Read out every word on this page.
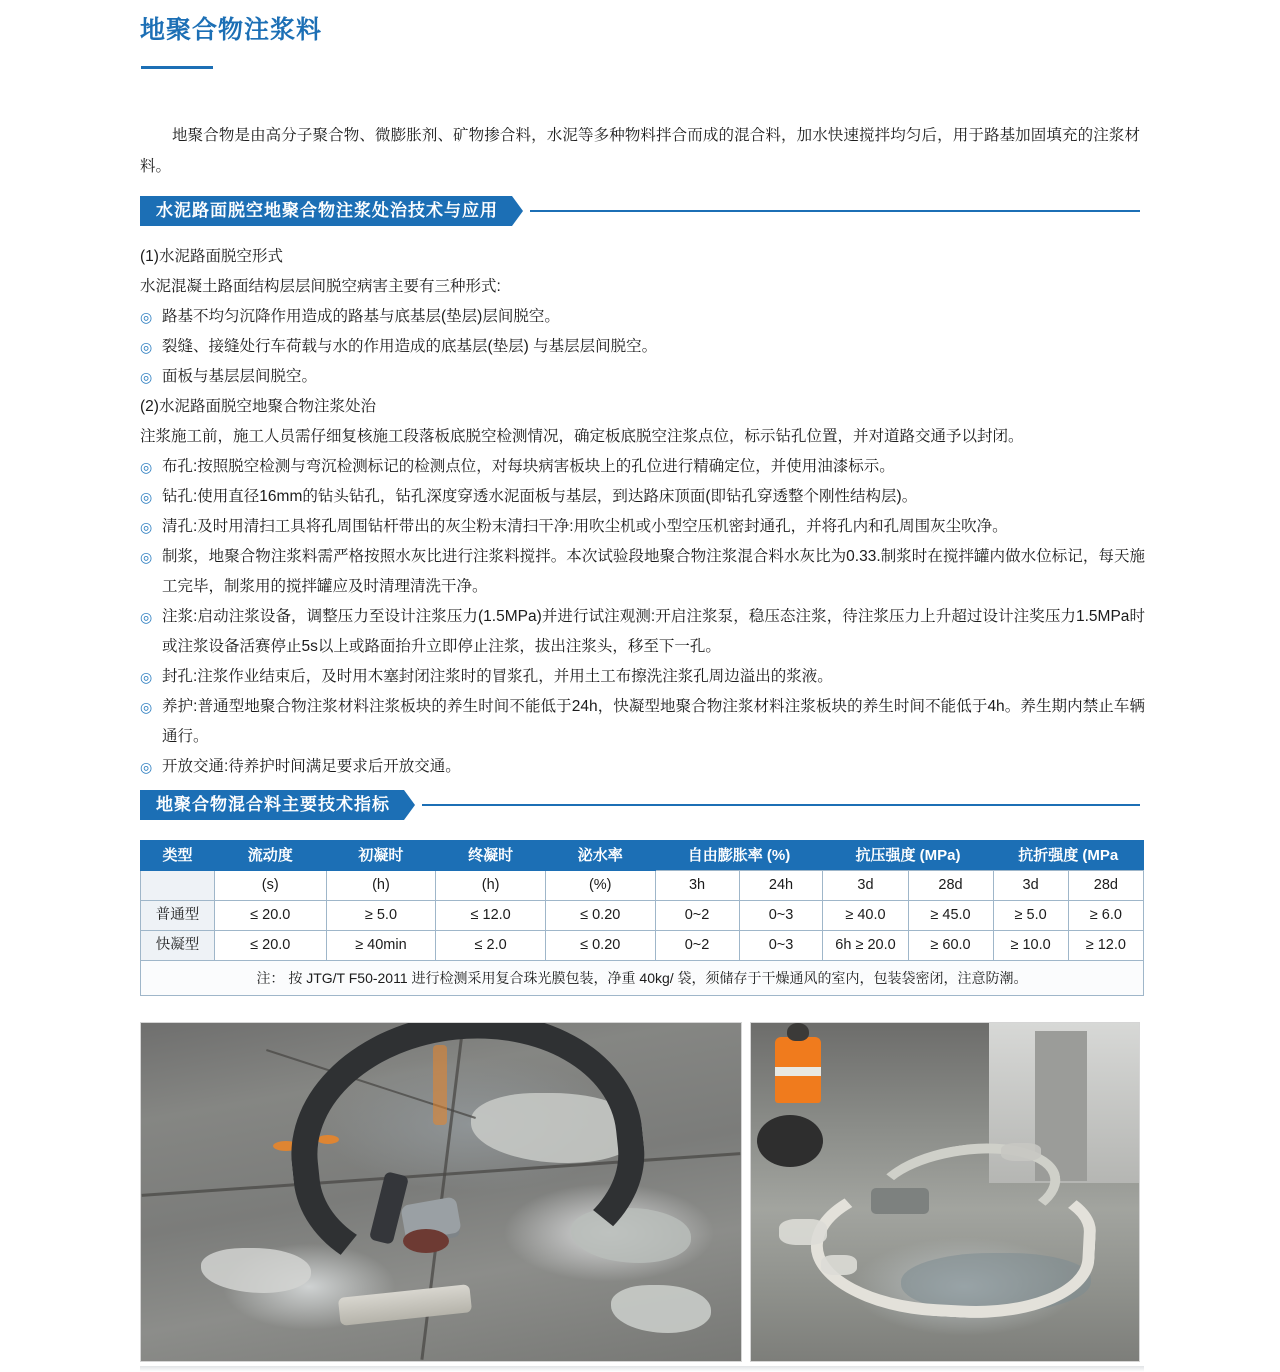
地聚合物注浆料

地聚合物是由高分子聚合物、微膨胀剂、矿物掺合料，水泥等多种物料拌合而成的混合料，加水快速搅拌均匀后，用于路基加固填充的注浆材料。

水泥路面脱空地聚合物注浆处治技术与应用

(1)水泥路面脱空形式

水泥混凝土路面结构层层间脱空病害主要有三种形式:

◎ 路基不均匀沉降作用造成的路基与底基层(垫层)层间脱空。

◎ 裂缝、接缝处行车荷载与水的作用造成的底基层(垫层) 与基层层间脱空。

◎ 面板与基层层间脱空。

(2)水泥路面脱空地聚合物注浆处治

注浆施工前，施工人员需仔细复核施工段落板底脱空检测情况，确定板底脱空注浆点位，标示钻孔位置，并对道路交通予以封闭。

◎ 布孔:按照脱空检测与弯沉检测标记的检测点位，对每块病害板块上的孔位进行精确定位，并使用油漆标示。

◎ 钻孔:使用直径16mm的钻头钻孔，钻孔深度穿透水泥面板与基层，到达路床顶面(即钻孔穿透整个刚性结构层)。

◎ 清孔:及时用清扫工具将孔周围钻杆带出的灰尘粉末清扫干净:用吹尘机或小型空压机密封通孔，并将孔内和孔周围灰尘吹净。

◎ 制浆，地聚合物注浆料需严格按照水灰比进行注浆料搅拌。本次试验段地聚合物注浆混合料水灰比为0.33.制浆时在搅拌罐内做水位标记，每天施工完毕，制浆用的搅拌罐应及时清理清洗干净。

◎ 注浆:启动注浆设备，调整压力至设计注浆压力(1.5MPa)并进行试注观测:开启注浆泵，稳压态注浆，待注浆压力上升超过设计注奖压力1.5MPa时或注浆设备活赛停止5s以上或路面抬升立即停止注浆，拔出注浆头，移至下一孔。

◎ 封孔:注浆作业结束后，及时用木塞封闭注浆时的冒浆孔，并用土工布擦洗注浆孔周边溢出的浆液。

◎ 养护:普通型地聚合物注浆材料注浆板块的养生时间不能低于24h，快凝型地聚合物注浆材料注浆板块的养生时间不能低于4h。养生期内禁止车辆通行。

◎ 开放交通:待养护时间满足要求后开放交通。

地聚合物混合料主要技术指标
类型	流动度	初凝时	终凝时	泌水率	自由膨胀率 (%)		抗压强度 (MPa)		抗折强度 (MPa	

	(s)	(h)	(h)	(%)	3h	24h	3d	28d	3d	28d
普通型	≤ 20.0	≥ 5.0	≤ 12.0	≤ 0.20	0~2	0~3	≥ 40.0	≥ 45.0	≥ 5.0	≥ 6.0
快凝型	≤ 20.0	≥ 40min	≤ 2.0	≤ 0.20	0~2	0~3	6h ≥ 20.0	≥ 60.0	≥ 10.0	≥ 12.0
注： 按 JTG/T F50-2011 进行检测采用复合珠光膜包装，净重 40kg/ 袋，须储存于干燥通风的室内，包装袋密闭，注意防潮。										
